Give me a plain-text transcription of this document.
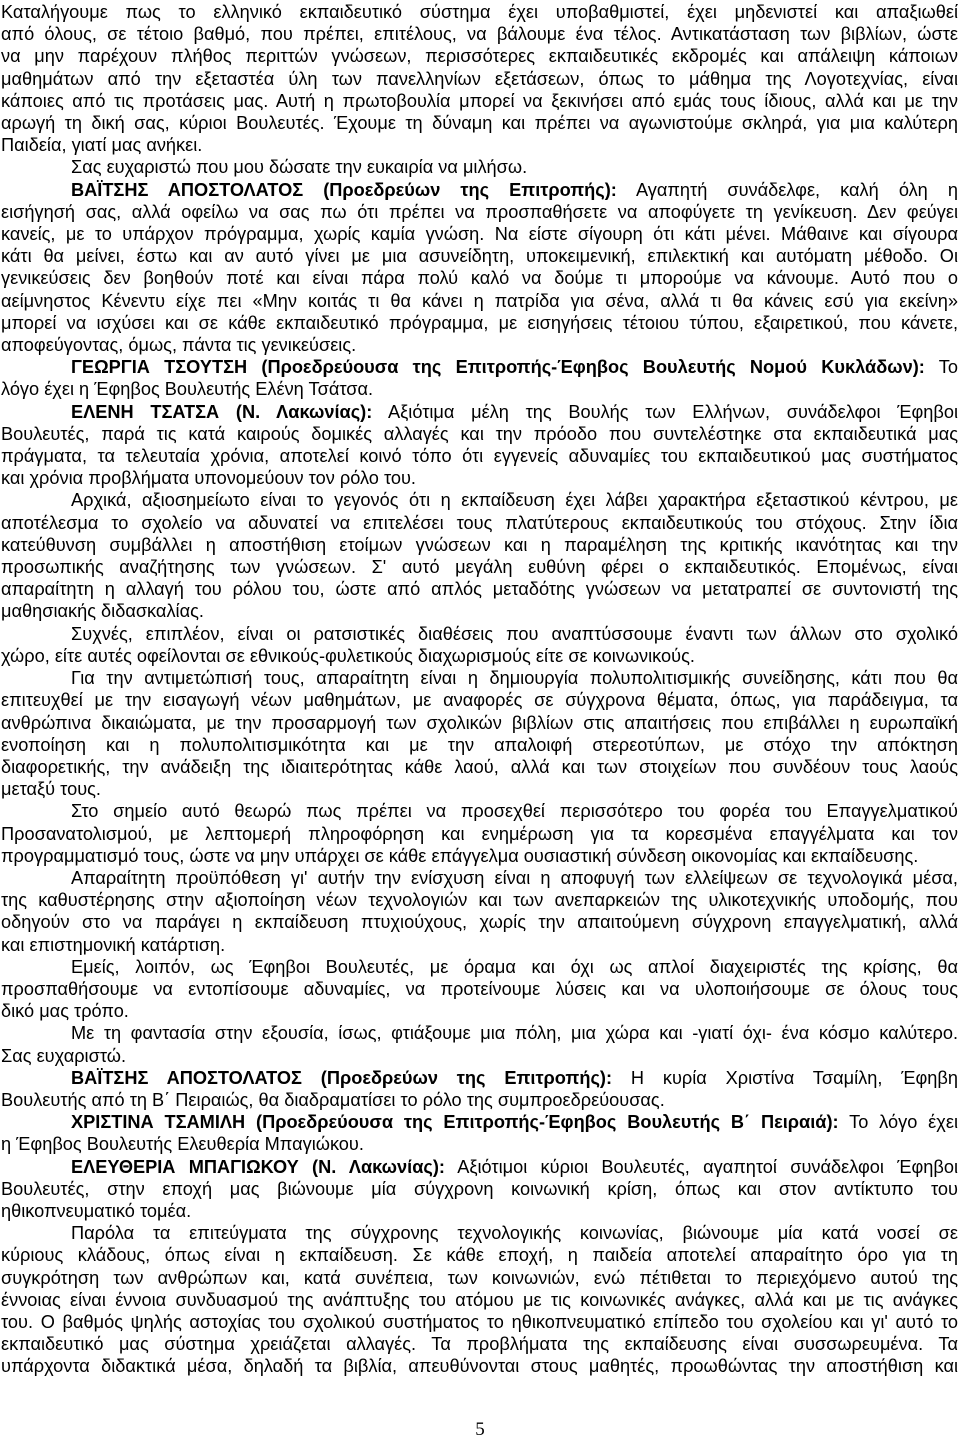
Καταλήγουμε πως το ελληνικό εκπαιδευτικό σύστημα έχει υποβαθμιστεί, έχει μηδενιστεί και απαξιωθεί
από όλους, σε τέτοιο βαθμό, που πρέπει, επιτέλους, να βάλουμε ένα τέλος. Αντικατάσταση των βιβλίων, ώστε
να μην παρέχουν πλήθος περιττών γνώσεων, περισσότερες εκπαιδευτικές εκδρομές και απάλειψη κάποιων
μαθημάτων από την εξεταστέα ύλη των πανελληνίων εξετάσεων, όπως το μάθημα της Λογοτεχνίας, είναι
κάποιες από τις προτάσεις μας. Αυτή η πρωτοβουλία μπορεί να ξεκινήσει από εμάς τους ίδιους, αλλά και με την
αρωγή τη δική σας, κύριοι Βουλευτές. Έχουμε τη δύναμη και πρέπει να αγωνιστούμε σκληρά, για μια καλύτερη
Παιδεία, γιατί μας ανήκει.
Σας ευχαριστώ που μου δώσατε την ευκαιρία να μιλήσω.
ΒΑΪΤΣΗΣ ΑΠΟΣΤΟΛΑΤΟΣ (Προεδρεύων της Επιτροπής): Αγαπητή συνάδελφε, καλή όλη η
εισήγησή σας, αλλά οφείλω να σας πω ότι πρέπει να προσπαθήσετε να αποφύγετε τη γενίκευση. Δεν φεύγει
κανείς, με το υπάρχον πρόγραμμα, χωρίς καμία γνώση. Να είστε σίγουρη ότι κάτι μένει. Μάθαινε και σίγουρα
κάτι θα μείνει, έστω και αν αυτό γίνει με μια ασυνείδητη, υποκειμενική, επιλεκτική και αυτόματη μέθοδο. Οι
γενικεύσεις δεν βοηθούν ποτέ και είναι πάρα πολύ καλό να δούμε τι μπορούμε να κάνουμε. Αυτό που ο
αείμνηστος Κένεντυ είχε πει «Μην κοιτάς τι θα κάνει η πατρίδα για σένα, αλλά τι θα κάνεις εσύ για εκείνη»
μπορεί να ισχύσει και σε κάθε εκπαιδευτικό πρόγραμμα, με εισηγήσεις τέτοιου τύπου, εξαιρετικού, που κάνετε,
αποφεύγοντας, όμως, πάντα τις γενικεύσεις.
ΓΕΩΡΓΙΑ ΤΣΟΥΤΣΗ (Προεδρεύουσα της Επιτροπής-Έφηβος Βουλευτής Νομού Κυκλάδων): Το
λόγο έχει η Έφηβος Βουλευτής Ελένη Τσάτσα.
ΕΛΕΝΗ ΤΣΑΤΣΑ (Ν. Λακωνίας): Αξιότιμα μέλη της Βουλής των Ελλήνων, συνάδελφοι Έφηβοι
Βουλευτές, παρά τις κατά καιρούς δομικές αλλαγές και την πρόοδο που συντελέστηκε στα εκπαιδευτικά μας
πράγματα, τα τελευταία χρόνια, αποτελεί κοινό τόπο ότι εγγενείς αδυναμίες του εκπαιδευτικού μας συστήματος
και χρόνια προβλήματα υπονομεύουν τον ρόλο του.
Αρχικά, αξιοσημείωτο είναι το γεγονός ότι η εκπαίδευση έχει λάβει χαρακτήρα εξεταστικού κέντρου, με
αποτέλεσμα το σχολείο να αδυνατεί να επιτελέσει τους πλατύτερους εκπαιδευτικούς του στόχους. Στην ίδια
κατεύθυνση συμβάλλει η αποστήθιση ετοίμων γνώσεων και η παραμέληση της κριτικής ικανότητας και την
προσωπικής αναζήτησης των γνώσεων. Σ' αυτό μεγάλη ευθύνη φέρει ο εκπαιδευτικός. Επομένως, είναι
απαραίτητη η αλλαγή του ρόλου του, ώστε από απλός μεταδότης γνώσεων να μετατραπεί σε συντονιστή της
μαθησιακής διδασκαλίας.
Συχνές, επιπλέον, είναι οι ρατσιστικές διαθέσεις που αναπτύσσουμε έναντι των άλλων στο σχολικό
χώρο, είτε αυτές οφείλονται σε εθνικούς-φυλετικούς διαχωρισμούς είτε σε κοινωνικούς.
Για την αντιμετώπισή τους, απαραίτητη είναι η δημιουργία πολυπολιτισμικής συνείδησης, κάτι που θα
επιτευχθεί με την εισαγωγή νέων μαθημάτων, με αναφορές σε σύγχρονα θέματα, όπως, για παράδειγμα, τα
ανθρώπινα δικαιώματα, με την προσαρμογή των σχολικών βιβλίων στις απαιτήσεις που επιβάλλει η ευρωπαϊκή
ενοποίηση και η πολυπολιτισμικότητα και με την απαλοιφή στερεοτύπων, με στόχο την απόκτηση
διαφορετικής, την ανάδειξη της ιδιαιτερότητας κάθε λαού, αλλά και των στοιχείων που συνδέουν τους λαούς
μεταξύ τους.
Στο σημείο αυτό θεωρώ πως πρέπει να προσεχθεί περισσότερο του φορέα του Επαγγελματικού
Προσανατολισμού, με λεπτομερή πληροφόρηση και ενημέρωση για τα κορεσμένα επαγγέλματα και τον
προγραμματισμό τους, ώστε να μην υπάρχει σε κάθε επάγγελμα ουσιαστική σύνδεση οικονομίας και εκπαίδευσης.
Απαραίτητη προϋπόθεση γι' αυτήν την ενίσχυση είναι η αποφυγή των ελλείψεων σε τεχνολογικά μέσα,
της καθυστέρησης στην αξιοποίηση νέων τεχνολογιών και των ανεπαρκειών της υλικοτεχνικής υποδομής, που
οδηγούν στο να παράγει η εκπαίδευση πτυχιούχους, χωρίς την απαιτούμενη σύγχρονη επαγγελματική, αλλά
και επιστημονική κατάρτιση.
Εμείς, λοιπόν, ως Έφηβοι Βουλευτές, με όραμα και όχι ως απλοί διαχειριστές της κρίσης, θα
προσπαθήσουμε να εντοπίσουμε αδυναμίες, να προτείνουμε λύσεις και να υλοποιήσουμε σε όλους τους
δικό μας τρόπο.
Με τη φαντασία στην εξουσία, ίσως, φτιάξουμε μια πόλη, μια χώρα και -γιατί όχι- ένα κόσμο καλύτερο.
Σας ευχαριστώ.
ΒΑΪΤΣΗΣ ΑΠΟΣΤΟΛΑΤΟΣ (Προεδρεύων της Επιτροπής): Η κυρία Χριστίνα Τσαμίλη, Έφηβη
Βουλευτής από τη Β΄ Πειραιώς, θα διαδραματίσει το ρόλο της συμπροεδρεύουσας.
ΧΡΙΣΤΙΝΑ ΤΣΑΜΙΛΗ (Προεδρεύουσα της Επιτροπής-Έφηβος Βουλευτής Β΄ Πειραιά): Το λόγο έχει
η Έφηβος Βουλευτής Ελευθερία Μπαγιώκου.
ΕΛΕΥΘΕΡΙΑ ΜΠΑΓΙΩΚΟΥ (Ν. Λακωνίας): Αξιότιμοι κύριοι Βουλευτές, αγαπητοί συνάδελφοι Έφηβοι
Βουλευτές, στην εποχή μας βιώνουμε μία σύγχρονη κοινωνική κρίση, όπως και στον αντίκτυπο του
ηθικοπνευματικό τομέα.
Παρόλα τα επιτεύγματα της σύγχρονης τεχνολογικής κοινωνίας, βιώνουμε μία κατά νοσεί σε
κύριους κλάδους, όπως είναι η εκπαίδευση. Σε κάθε εποχή, η παιδεία αποτελεί απαραίτητο όρο για τη
συγκρότηση των ανθρώπων και, κατά συνέπεια, των κοινωνιών, ενώ πέτιθεται το περιεχόμενο αυτού της
έννοιας είναι έννοια συνδυασμού της ανάπτυξης του ατόμου με τις κοινωνικές ανάγκες, αλλά και με τις ανάγκες
του. Ο βαθμός ψηλής αστοχίας του σχολικού συστήματος το ηθικοπνευματικό επίπεδο του σχολείου και γι' αυτό το
εκπαιδευτικό μας σύστημα χρειάζεται αλλαγές. Τα προβλήματα της εκπαίδευσης είναι συσσωρευμένα. Τα
υπάρχοντα διδακτικά μέσα, δηλαδή τα βιβλία, απευθύνονται στους μαθητές, προωθώντας την αποστήθιση και
5
